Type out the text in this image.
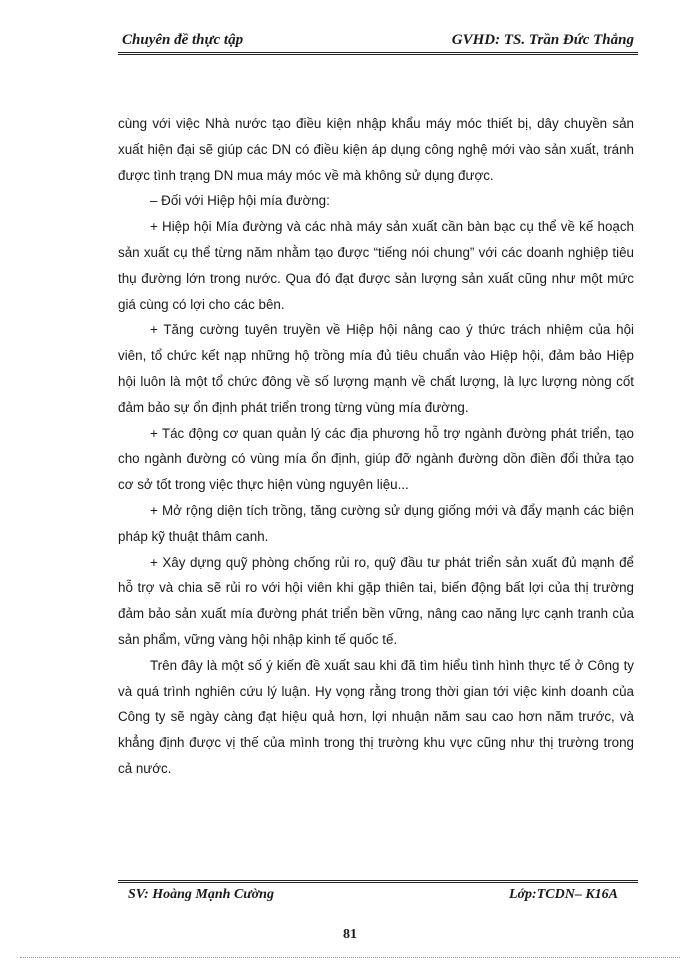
Chuyên đề thực tập	GVHD: TS. Trần Đức Thắng

cùng với việc Nhà nước tạo điều kiện nhập khẩu máy móc thiết bị, dây chuyền sản xuất hiện đại sẽ giúp các DN có điều kiện áp dụng công nghệ mới vào sản xuất, tránh được tình trạng DN mua máy móc về mà không sử dụng được.

– Đối với Hiệp hội mía đường:

+ Hiệp hội Mía đường và các nhà máy sản xuất cần bàn bạc cụ thể về kế hoạch sản xuất cụ thể từng năm nhằm tạo được “tiếng nói chung” với các doanh nghiệp tiêu thụ đường lớn trong nước. Qua đó đạt được sản lượng sản xuất cũng như một mức giá cùng có lợi cho các bên.

+ Tăng cường tuyên truyền về Hiệp hội nâng cao ý thức trách nhiệm của hội viên, tổ chức kết nạp những hộ trồng mía đủ tiêu chuẩn vào Hiệp hội, đảm bảo Hiệp hội luôn là một tổ chức đông về số lượng mạnh về chất lượng, là lực lượng nòng cốt đảm bảo sự ổn định phát triển trong từng vùng mía đường.

+ Tác động cơ quan quản lý các địa phương hỗ trợ ngành đường phát triển, tạo cho ngành đường có vùng mía ổn định, giúp đỡ ngành đường dồn điền đổi thửa tạo cơ sở tốt trong việc thực hiện vùng nguyên liệu...

+ Mở rộng diện tích trồng, tăng cường sử dụng giống mới và đẩy mạnh các biện pháp kỹ thuật thâm canh.

+ Xây dựng quỹ phòng chống rủi ro, quỹ đầu tư phát triển sản xuất đủ mạnh để hỗ trợ và chia sẽ rủi ro với hội viên khi gặp thiên tai, biến động bất lợi của thị trường đảm bảo sản xuất mía đường phát triển bền vững, nâng cao năng lực cạnh tranh của sản phẩm, vững vàng hội nhập kinh tế quốc tế.

Trên đây là một số ý kiến đề xuất sau khi đã tìm hiểu tình hình thực tế ở Công ty và quá trình nghiên cứu lý luận. Hy vọng rằng trong thời gian tới việc kinh doanh của Công ty sẽ ngày càng đạt hiệu quả hơn, lợi nhuận năm sau cao hơn năm trước, và khẳng định được vị thế của mình trong thị trường khu vực cũng như thị trường trong cả nước.

SV: Hoàng Mạnh Cường	Lớp:TCDN– K16A
81
